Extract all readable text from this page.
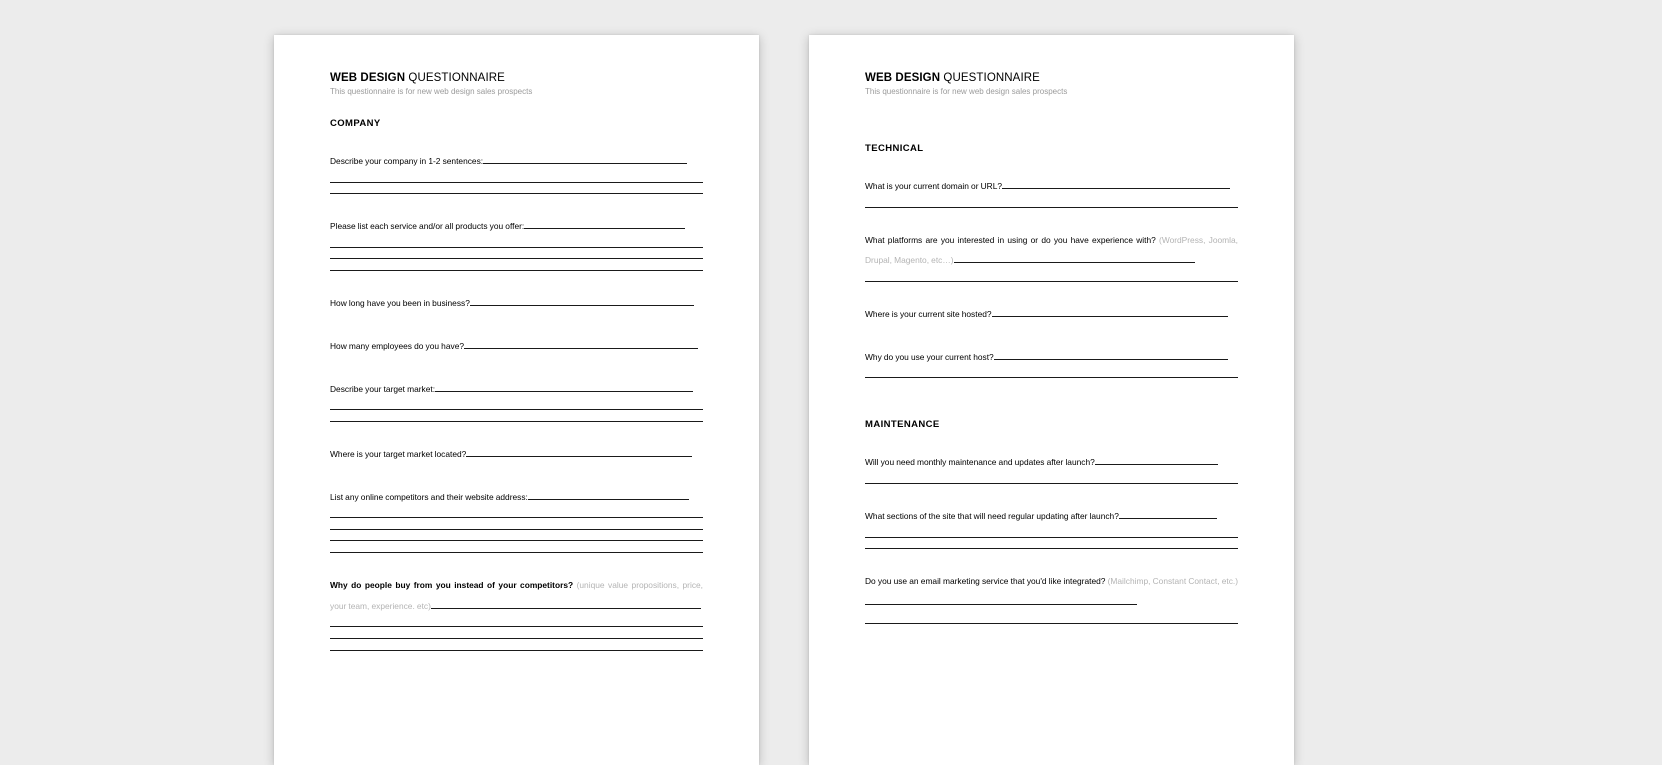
WEB DESIGN QUESTIONNAIRE
This questionnaire is for new web design sales prospects
COMPANY
Describe your company in 1-2 sentences:
Please list each service and/or all products you offer:
How long have you been in business?
How many employees do you have?
Describe your target market:
Where is your target market located?
List any online competitors and their website address:
Why do people buy from you instead of your competitors? (unique value propositions, price, your team, experience. etc)
WEB DESIGN QUESTIONNAIRE
This questionnaire is for new web design sales prospects
TECHNICAL
What is your current domain or URL?
What platforms are you interested in using or do you have experience with? (WordPress, Joomla, Drupal, Magento, etc…)
Where is your current site hosted?
Why do you use your current host?
MAINTENANCE
Will you need monthly maintenance and updates after launch?
What sections of the site that will need regular updating after launch?
Do you use an email marketing service that you'd like integrated? (Mailchimp, Constant Contact, etc.)
